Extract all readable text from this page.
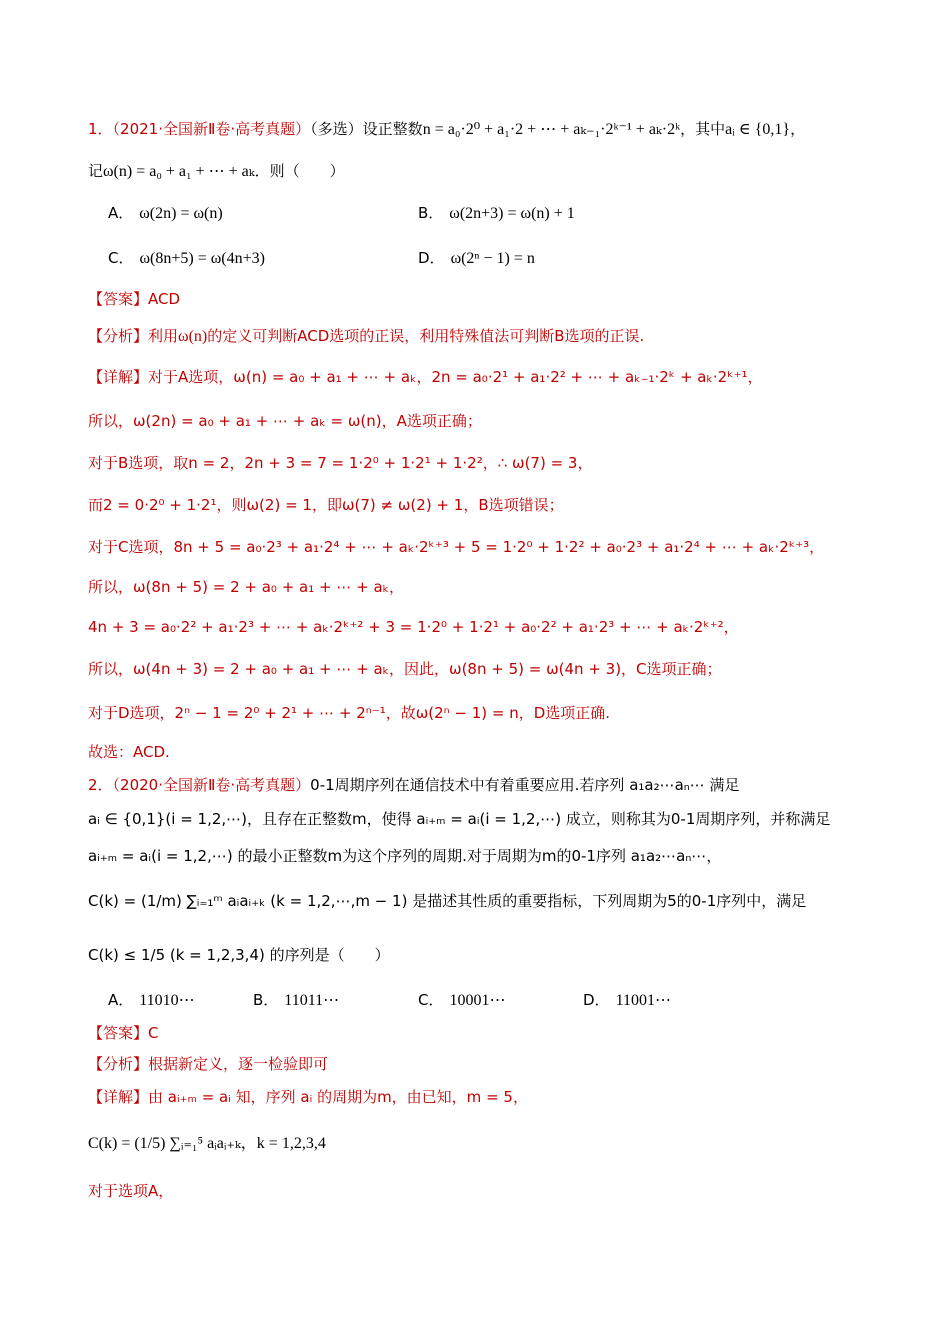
1．（2021·全国新Ⅱ卷·高考真题）（多选）设正整数n = a₀·2⁰ + a₁·2 + ⋯ + aₖ₋₁·2ᵏ⁻¹ + aₖ·2ᵏ，其中aᵢ ∈ {0,1}，
记ω(n) = a₀ + a₁ + ⋯ + aₖ．则（　　）
A． ω(2n) = ω(n)	B． ω(2n+3) = ω(n) + 1
C． ω(8n+5) = ω(4n+3)	D． ω(2ⁿ − 1) = n
【答案】ACD
【分析】利用ω(n)的定义可判断ACD选项的正误，利用特殊值法可判断B选项的正误.
【详解】对于A选项，ω(n) = a₀ + a₁ + ⋯ + aₖ，2n = a₀·2¹ + a₁·2² + ⋯ + aₖ₋₁·2ᵏ + aₖ·2ᵏ⁺¹，
所以，ω(2n) = a₀ + a₁ + ⋯ + aₖ = ω(n)，A选项正确；
对于B选项，取n = 2，2n + 3 = 7 = 1·2⁰ + 1·2¹ + 1·2²，∴ ω(7) = 3，
而2 = 0·2⁰ + 1·2¹，则ω(2) = 1，即ω(7) ≠ ω(2) + 1，B选项错误；
对于C选项，8n + 5 = a₀·2³ + a₁·2⁴ + ⋯ + aₖ·2ᵏ⁺³ + 5 = 1·2⁰ + 1·2² + a₀·2³ + a₁·2⁴ + ⋯ + aₖ·2ᵏ⁺³，
所以，ω(8n + 5) = 2 + a₀ + a₁ + ⋯ + aₖ，
4n + 3 = a₀·2² + a₁·2³ + ⋯ + aₖ·2ᵏ⁺² + 3 = 1·2⁰ + 1·2¹ + a₀·2² + a₁·2³ + ⋯ + aₖ·2ᵏ⁺²，
所以，ω(4n + 3) = 2 + a₀ + a₁ + ⋯ + aₖ，因此，ω(8n + 5) = ω(4n + 3)，C选项正确；
对于D选项，2ⁿ − 1 = 2⁰ + 2¹ + ⋯ + 2ⁿ⁻¹，故ω(2ⁿ − 1) = n，D选项正确.
故选：ACD.
2．（2020·全国新Ⅱ卷·高考真题）0-1周期序列在通信技术中有着重要应用.若序列 a₁a₂⋯aₙ⋯ 满足
aᵢ ∈ {0,1}(i = 1,2,⋯)，且存在正整数m，使得 aᵢ₊ₘ = aᵢ(i = 1,2,⋯) 成立，则称其为0-1周期序列，并称满足
aᵢ₊ₘ = aᵢ(i = 1,2,⋯) 的最小正整数m为这个序列的周期.对于周期为m的0-1序列 a₁a₂⋯aₙ⋯，
C(k) = (1/m) ∑ᵢ₌₁ᵐ aᵢaᵢ₊ₖ (k = 1,2,⋯,m − 1) 是描述其性质的重要指标，下列周期为5的0-1序列中，满足
C(k) ≤ 1/5 (k = 1,2,3,4) 的序列是（　　）
A． 11010⋯	B． 11011⋯	C． 10001⋯	D． 11001⋯
【答案】C
【分析】根据新定义，逐一检验即可
【详解】由 aᵢ₊ₘ = aᵢ 知，序列 aᵢ 的周期为m，由已知，m = 5，
C(k) = (1/5) ∑ᵢ₌₁⁵ aᵢaᵢ₊ₖ，k = 1,2,3,4
对于选项A，
